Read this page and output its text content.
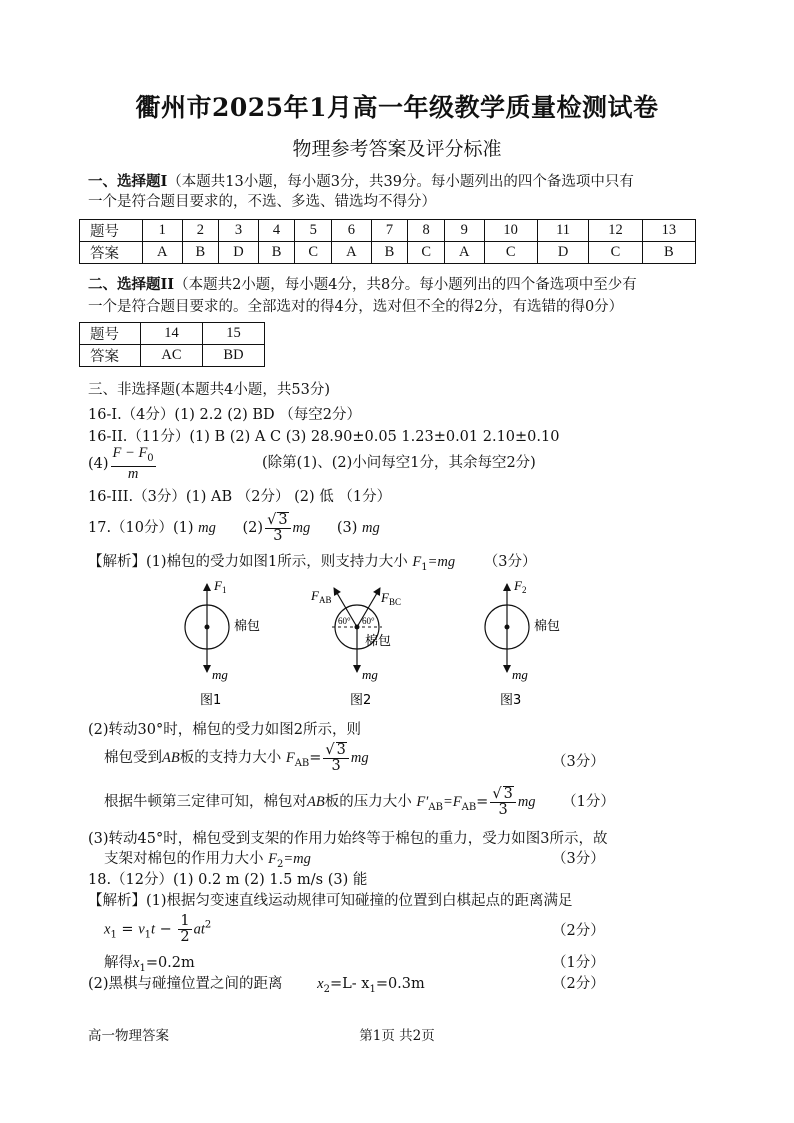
衢州市2025年1月高一年级教学质量检测试卷
物理参考答案及评分标准
一、选择题I（本题共13小题，每小题3分，共39分。每小题列出的四个备选项中只有
一个是符合题目要求的，不选、多选、错选均不得分）
题号	1	2	3	4	5	6	7	8	9	10	11	12	13
答案	A	B	D	B	C	A	B	C	A	C	D	C	B
二、选择题II（本题共2小题，每小题4分，共8分。每小题列出的四个备选项中至少有
一个是符合题目要求的。全部选对的得4分，选对但不全的得2分，有选错的得0分）
题号	14	15
答案	AC	BD
三、非选择题(本题共4小题，共53分)
16-I.（4分）(1) 2.2 (2) BD （每空2分）
16-II.（11分）(1) B (2) A C (3) 28.90±0.05 1.23±0.01 2.10±0.10
$(4) \frac{F - F_0}{m}$	(除第(1)、(2)小问每空1分，其余每空2分)
16-III.（3分）(1) AB （2分） (2) 低 （1分）
17.（10分）(1) mg $(2) \frac{√ 3}{3}$ mg (3) mg
【解析】(1)棉包的受力如图1所示，则支持力大小 $F_1=mg$ （3分）
$F_1$
mg
棉包
图1
$F_{AB}$	$F_{BC}$
60° 60°
棉包
mg
图2
$F_2$
mg
棉包
图3
(2)转动30°时，棉包的受力如图2所示，则
棉包受到AB板的支持力大小 $F_{AB}= \frac{√ 3}{3}$ mg	（3分）
根据牛顿第三定律可知，棉包对AB板的压力大小 $F'_{AB}=F_{AB}= \frac{√ 3}{3}$ mg （1分）
(3)转动45°时，棉包受到支架的作用力始终等于棉包的重力，受力如图3所示，故
支架对棉包的作用力大小 $F_2=mg$	（3分）
18.（12分）(1) 0.2 m (2) 1.5 m/s (3) 能
【解析】(1)根据匀变速直线运动规律可知碰撞的位置到白棋起点的距离满足
$x_1 = v_1t - \frac{1}{2} at^2$	（2分）
解得$x_1=0.2m$	（1分）
(2)黑棋与碰撞位置之间的距离 $x_2=L-$ $x_1=0.3m$	（2分）
高一物理答案	第1页 共2页
